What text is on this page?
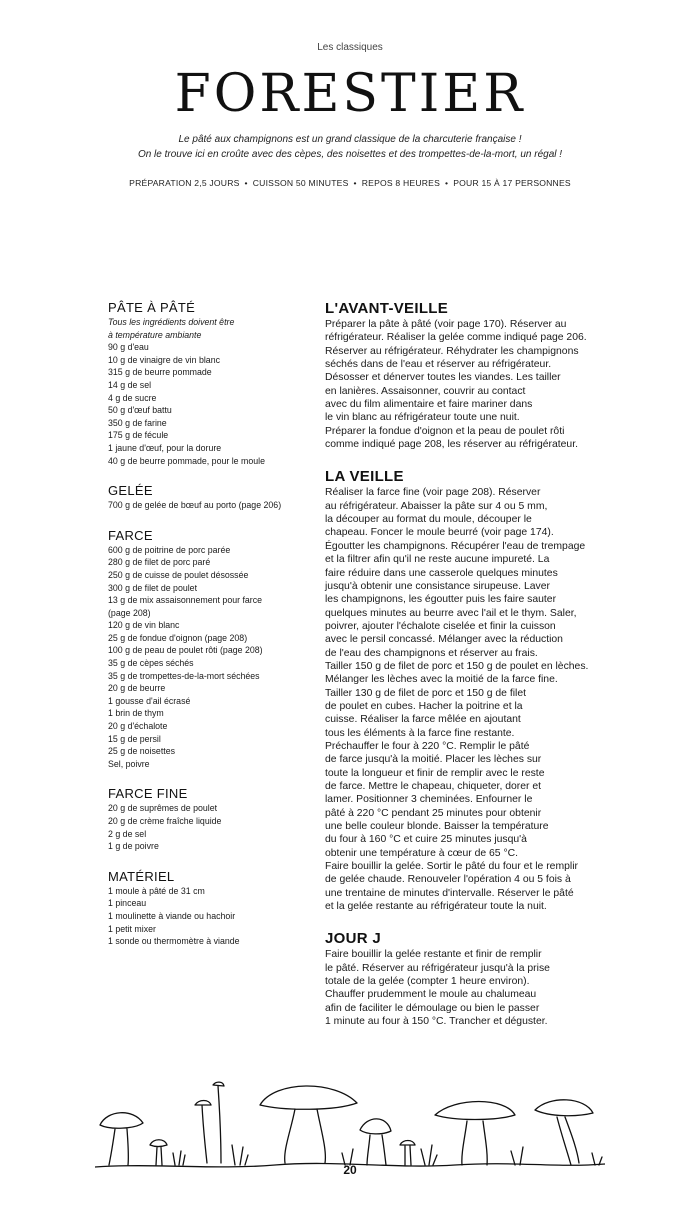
Les classiques
FORESTIER
Le pâté aux champignons est un grand classique de la charcuterie française !
On le trouve ici en croûte avec des cèpes, des noisettes et des trompettes-de-la-mort, un régal !
PRÉPARATION 2,5 JOURS • CUISSON 50 MINUTES • REPOS 8 HEURES • POUR 15 À 17 PERSONNES
PÂTE À PÂTÉ
Tous les ingrédients doivent être
à température ambiante
90 g d'eau
10 g de vinaigre de vin blanc
315 g de beurre pommade
14 g de sel
4 g de sucre
50 g d'œuf battu
350 g de farine
175 g de fécule
1 jaune d'œuf, pour la dorure
40 g de beurre pommade, pour le moule
GELÉE
700 g de gelée de bœuf au porto (page 206)
FARCE
600 g de poitrine de porc parée
280 g de filet de porc paré
250 g de cuisse de poulet désossée
300 g de filet de poulet
13 g de mix assaisonnement pour farce
(page 208)
120 g de vin blanc
25 g de fondue d'oignon (page 208)
100 g de peau de poulet rôti (page 208)
35 g de cèpes séchés
35 g de trompettes-de-la-mort séchées
20 g de beurre
1 gousse d'ail écrasé
1 brin de thym
20 g d'échalote
15 g de persil
25 g de noisettes
Sel, poivre
FARCE FINE
20 g de suprêmes de poulet
20 g de crème fraîche liquide
2 g de sel
1 g de poivre
MATÉRIEL
1 moule à pâté de 31 cm
1 pinceau
1 moulinette à viande ou hachoir
1 petit mixer
1 sonde ou thermomètre à viande
L'AVANT-VEILLE
Préparer la pâte à pâté (voir page 170). Réserver au
réfrigérateur. Réaliser la gelée comme indiqué page 206.
Réserver au réfrigérateur. Réhydrater les champignons
séchés dans de l'eau et réserver au réfrigérateur.
Désosser et dénerver toutes les viandes. Les tailler
en lanières. Assaisonner, couvrir au contact
avec du film alimentaire et faire mariner dans
le vin blanc au réfrigérateur toute une nuit.
Préparer la fondue d'oignon et la peau de poulet rôti
comme indiqué page 208, les réserver au réfrigérateur.
LA VEILLE
Réaliser la farce fine (voir page 208). Réserver
au réfrigérateur. Abaisser la pâte sur 4 ou 5 mm,
la découper au format du moule, découper le
chapeau. Foncer le moule beurré (voir page 174).
Égoutter les champignons. Récupérer l'eau de trempage
et la filtrer afin qu'il ne reste aucune impureté. La
faire réduire dans une casserole quelques minutes
jusqu'à obtenir une consistance sirupeuse. Laver
les champignons, les égoutter puis les faire sauter
quelques minutes au beurre avec l'ail et le thym. Saler,
poivrer, ajouter l'échalote ciselée et finir la cuisson
avec le persil concassé. Mélanger avec la réduction
de l'eau des champignons et réserver au frais.
Tailler 150 g de filet de porc et 150 g de poulet en lèches.
Mélanger les lèches avec la moitié de la farce fine.
Tailler 130 g de filet de porc et 150 g de filet
de poulet en cubes. Hacher la poitrine et la
cuisse. Réaliser la farce mêlée en ajoutant
tous les éléments à la farce fine restante.
Préchauffer le four à 220 °C. Remplir le pâté
de farce jusqu'à la moitié. Placer les lèches sur
toute la longueur et finir de remplir avec le reste
de farce. Mettre le chapeau, chiqueter, dorer et
lamer. Positionner 3 cheminées. Enfourner le
pâté à 220 °C pendant 25 minutes pour obtenir
une belle couleur blonde. Baisser la température
du four à 160 °C et cuire 25 minutes jusqu'à
obtenir une température à cœur de 65 °C.
Faire bouillir la gelée. Sortir le pâté du four et le remplir
de gelée chaude. Renouveler l'opération 4 ou 5 fois à
une trentaine de minutes d'intervalle. Réserver le pâté
et la gelée restante au réfrigérateur toute la nuit.
JOUR J
Faire bouillir la gelée restante et finir de remplir
le pâté. Réserver au réfrigérateur jusqu'à la prise
totale de la gelée (compter 1 heure environ).
Chauffer prudemment le moule au chalumeau
afin de faciliter le démoulage ou bien le passer
1 minute au four à 150 °C. Trancher et déguster.
20
